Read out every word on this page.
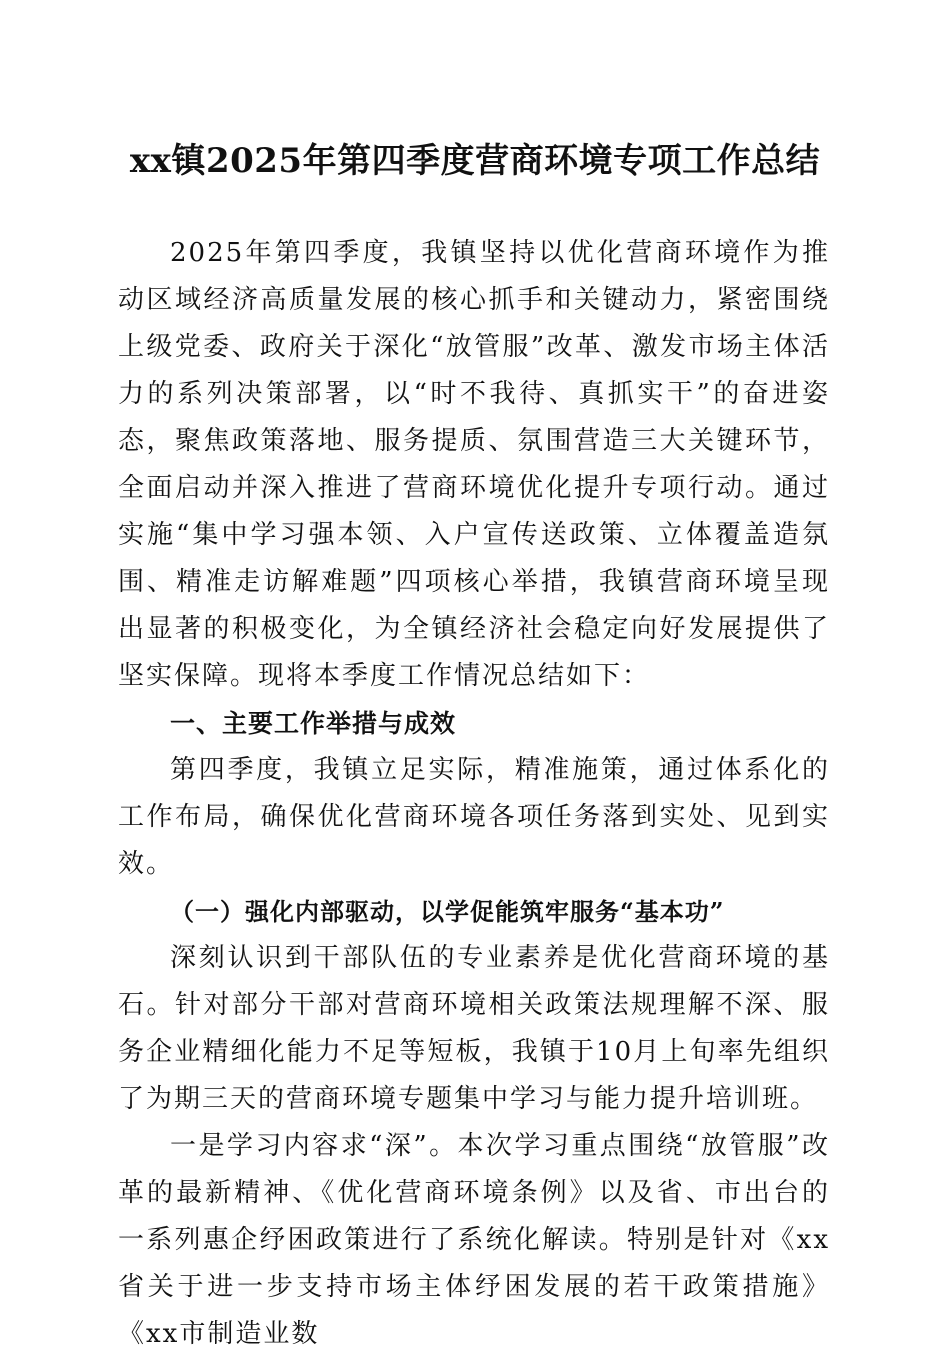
xx镇2025年第四季度营商环境专项工作总结

2025年第四季度，我镇坚持以优化营商环境作为推动区域经济高质量发展的核心抓手和关键动力，紧密围绕上级党委、政府关于深化“放管服”改革、激发市场主体活力的系列决策部署，以“时不我待、真抓实干”的奋进姿态，聚焦政策落地、服务提质、氛围营造三大关键环节，全面启动并深入推进了营商环境优化提升专项行动。通过实施“集中学习强本领、入户宣传送政策、立体覆盖造氛围、精准走访解难题”四项核心举措，我镇营商环境呈现出显著的积极变化，为全镇经济社会稳定向好发展提供了坚实保障。现将本季度工作情况总结如下：

一、主要工作举措与成效

第四季度，我镇立足实际，精准施策，通过体系化的工作布局，确保优化营商环境各项任务落到实处、见到实效。

（一）强化内部驱动，以学促能筑牢服务“基本功”

深刻认识到干部队伍的专业素养是优化营商环境的基石。针对部分干部对营商环境相关政策法规理解不深、服务企业精细化能力不足等短板，我镇于10月上旬率先组织了为期三天的营商环境专题集中学习与能力提升培训班。

一是学习内容求“深”。本次学习重点围绕“放管服”改革的最新精神、《优化营商环境条例》以及省、市出台的一系列惠企纾困政策进行了系统化解读。特别是针对《xx省关于进一步支持市场主体纾困发展的若干政策措施》《xx市制造业数
